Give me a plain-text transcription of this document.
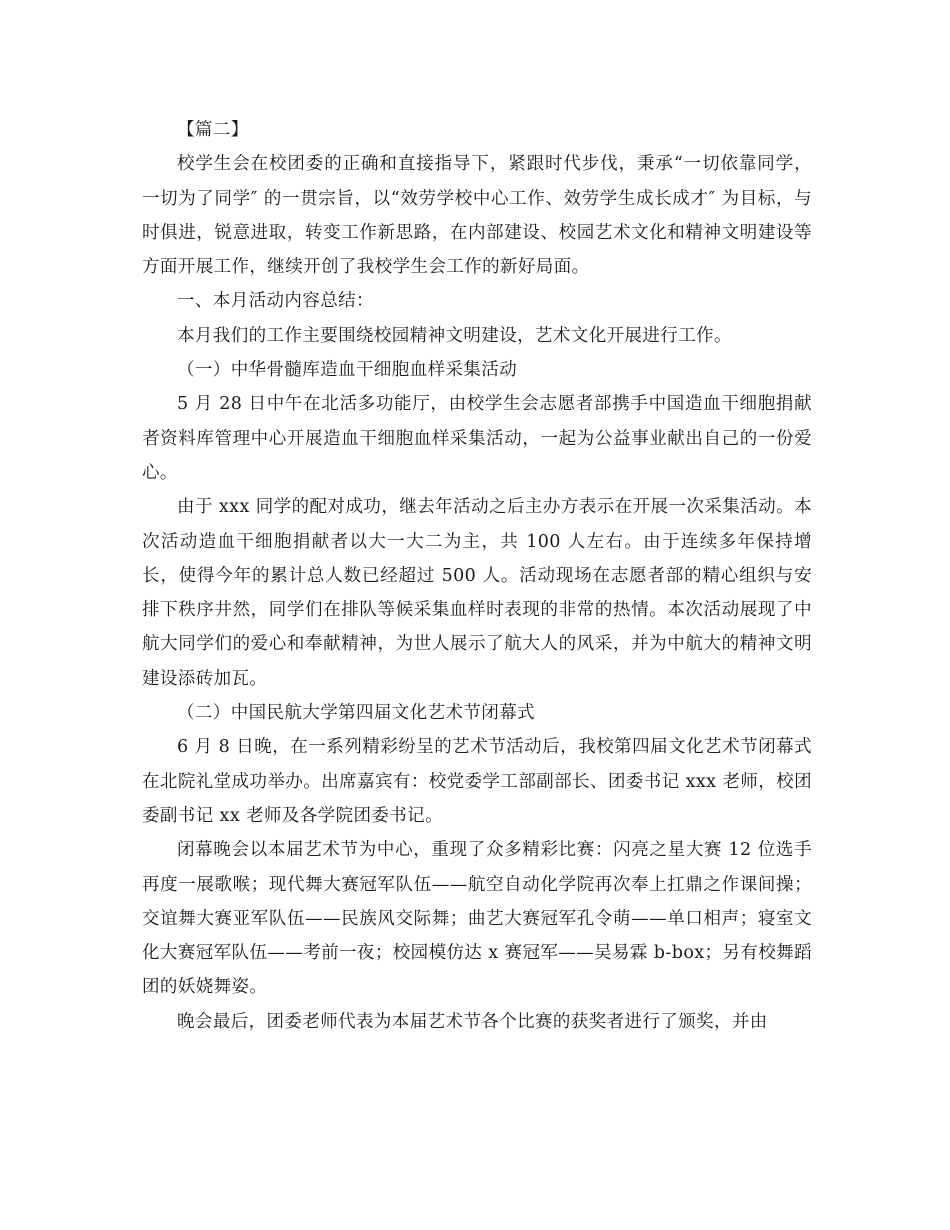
【篇二】

校学生会在校团委的正确和直接指导下，紧跟时代步伐，秉承“一切依靠同学，一切为了同学″ 的一贯宗旨，以“效劳学校中心工作、效劳学生成长成才″ 为目标，与时俱进，锐意进取，转变工作新思路，在内部建设、校园艺术文化和精神文明建设等方面开展工作，继续开创了我校学生会工作的新好局面。

一、本月活动内容总结：

本月我们的工作主要围绕校园精神文明建设，艺术文化开展进行工作。

（一）中华骨髓库造血干细胞血样采集活动

5 月 28 日中午在北活多功能厅，由校学生会志愿者部携手中国造血干细胞捐献者资料库管理中心开展造血干细胞血样采集活动，一起为公益事业献出自己的一份爱心。

由于 xxx 同学的配对成功，继去年活动之后主办方表示在开展一次采集活动。本次活动造血干细胞捐献者以大一大二为主，共 100 人左右。由于连续多年保持增长，使得今年的累计总人数已经超过 500 人。活动现场在志愿者部的精心组织与安排下秩序井然，同学们在排队等候采集血样时表现的非常的热情。本次活动展现了中航大同学们的爱心和奉献精神，为世人展示了航大人的风采，并为中航大的精神文明建设添砖加瓦。

（二）中国民航大学第四届文化艺术节闭幕式

6 月 8 日晚，在一系列精彩纷呈的艺术节活动后，我校第四届文化艺术节闭幕式在北院礼堂成功举办。出席嘉宾有：校党委学工部副部长、团委书记 xxx 老师，校团委副书记 xx 老师及各学院团委书记。

闭幕晚会以本届艺术节为中心，重现了众多精彩比赛：闪亮之星大赛 12 位选手再度一展歌喉；现代舞大赛冠军队伍——航空自动化学院再次奉上扛鼎之作课间操；交谊舞大赛亚军队伍——民族风交际舞；曲艺大赛冠军孔令萌——单口相声；寝室文化大赛冠军队伍——考前一夜；校园模仿达 x 赛冠军——吴易霖 b-box；另有校舞蹈团的妖娆舞姿。

晚会最后，团委老师代表为本届艺术节各个比赛的获奖者进行了颁奖，并由
